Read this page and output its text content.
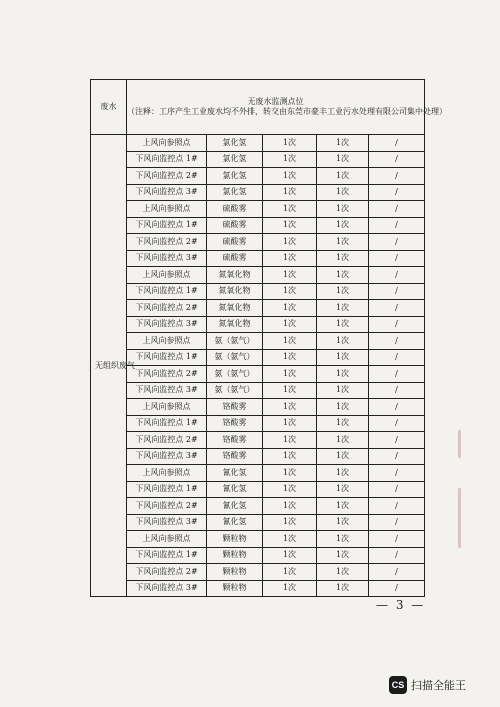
废水	无废水监测点位
（注释：工序产生工业废水均不外排，转交由东莞市豪丰工业污水处理有限公司集中处理）				

无组织废气	上风向参照点	氯化氢	1次	1次	/
	下风向监控点 1#	氯化氢	1次	1次	/
	下风向监控点 2#	氯化氢	1次	1次	/
	下风向监控点 3#	氯化氢	1次	1次	/
	上风向参照点	硫酸雾	1次	1次	/
	下风向监控点 1#	硫酸雾	1次	1次	/
	下风向监控点 2#	硫酸雾	1次	1次	/
	下风向监控点 3#	硫酸雾	1次	1次	/
	上风向参照点	氮氧化物	1次	1次	/
	下风向监控点 1#	氮氧化物	1次	1次	/
	下风向监控点 2#	氮氧化物	1次	1次	/
	下风向监控点 3#	氮氧化物	1次	1次	/
	上风向参照点	氨（氨气）	1次	1次	/
	下风向监控点 1#	氨（氨气）	1次	1次	/
	下风向监控点 2#	氨（氨气）	1次	1次	/
	下风向监控点 3#	氨（氨气）	1次	1次	/
	上风向参照点	铬酸雾	1次	1次	/
	下风向监控点 1#	铬酸雾	1次	1次	/
	下风向监控点 2#	铬酸雾	1次	1次	/
	下风向监控点 3#	铬酸雾	1次	1次	/
	上风向参照点	氰化氢	1次	1次	/
	下风向监控点 1#	氰化氢	1次	1次	/
	下风向监控点 2#	氰化氢	1次	1次	/
	下风向监控点 3#	氰化氢	1次	1次	/
	上风向参照点	颗粒物	1次	1次	/
	下风向监控点 1#	颗粒物	1次	1次	/
	下风向监控点 2#	颗粒物	1次	1次	/
	下风向监控点 3#	颗粒物	1次	1次	/
— 3 —
CS 扫描全能王
